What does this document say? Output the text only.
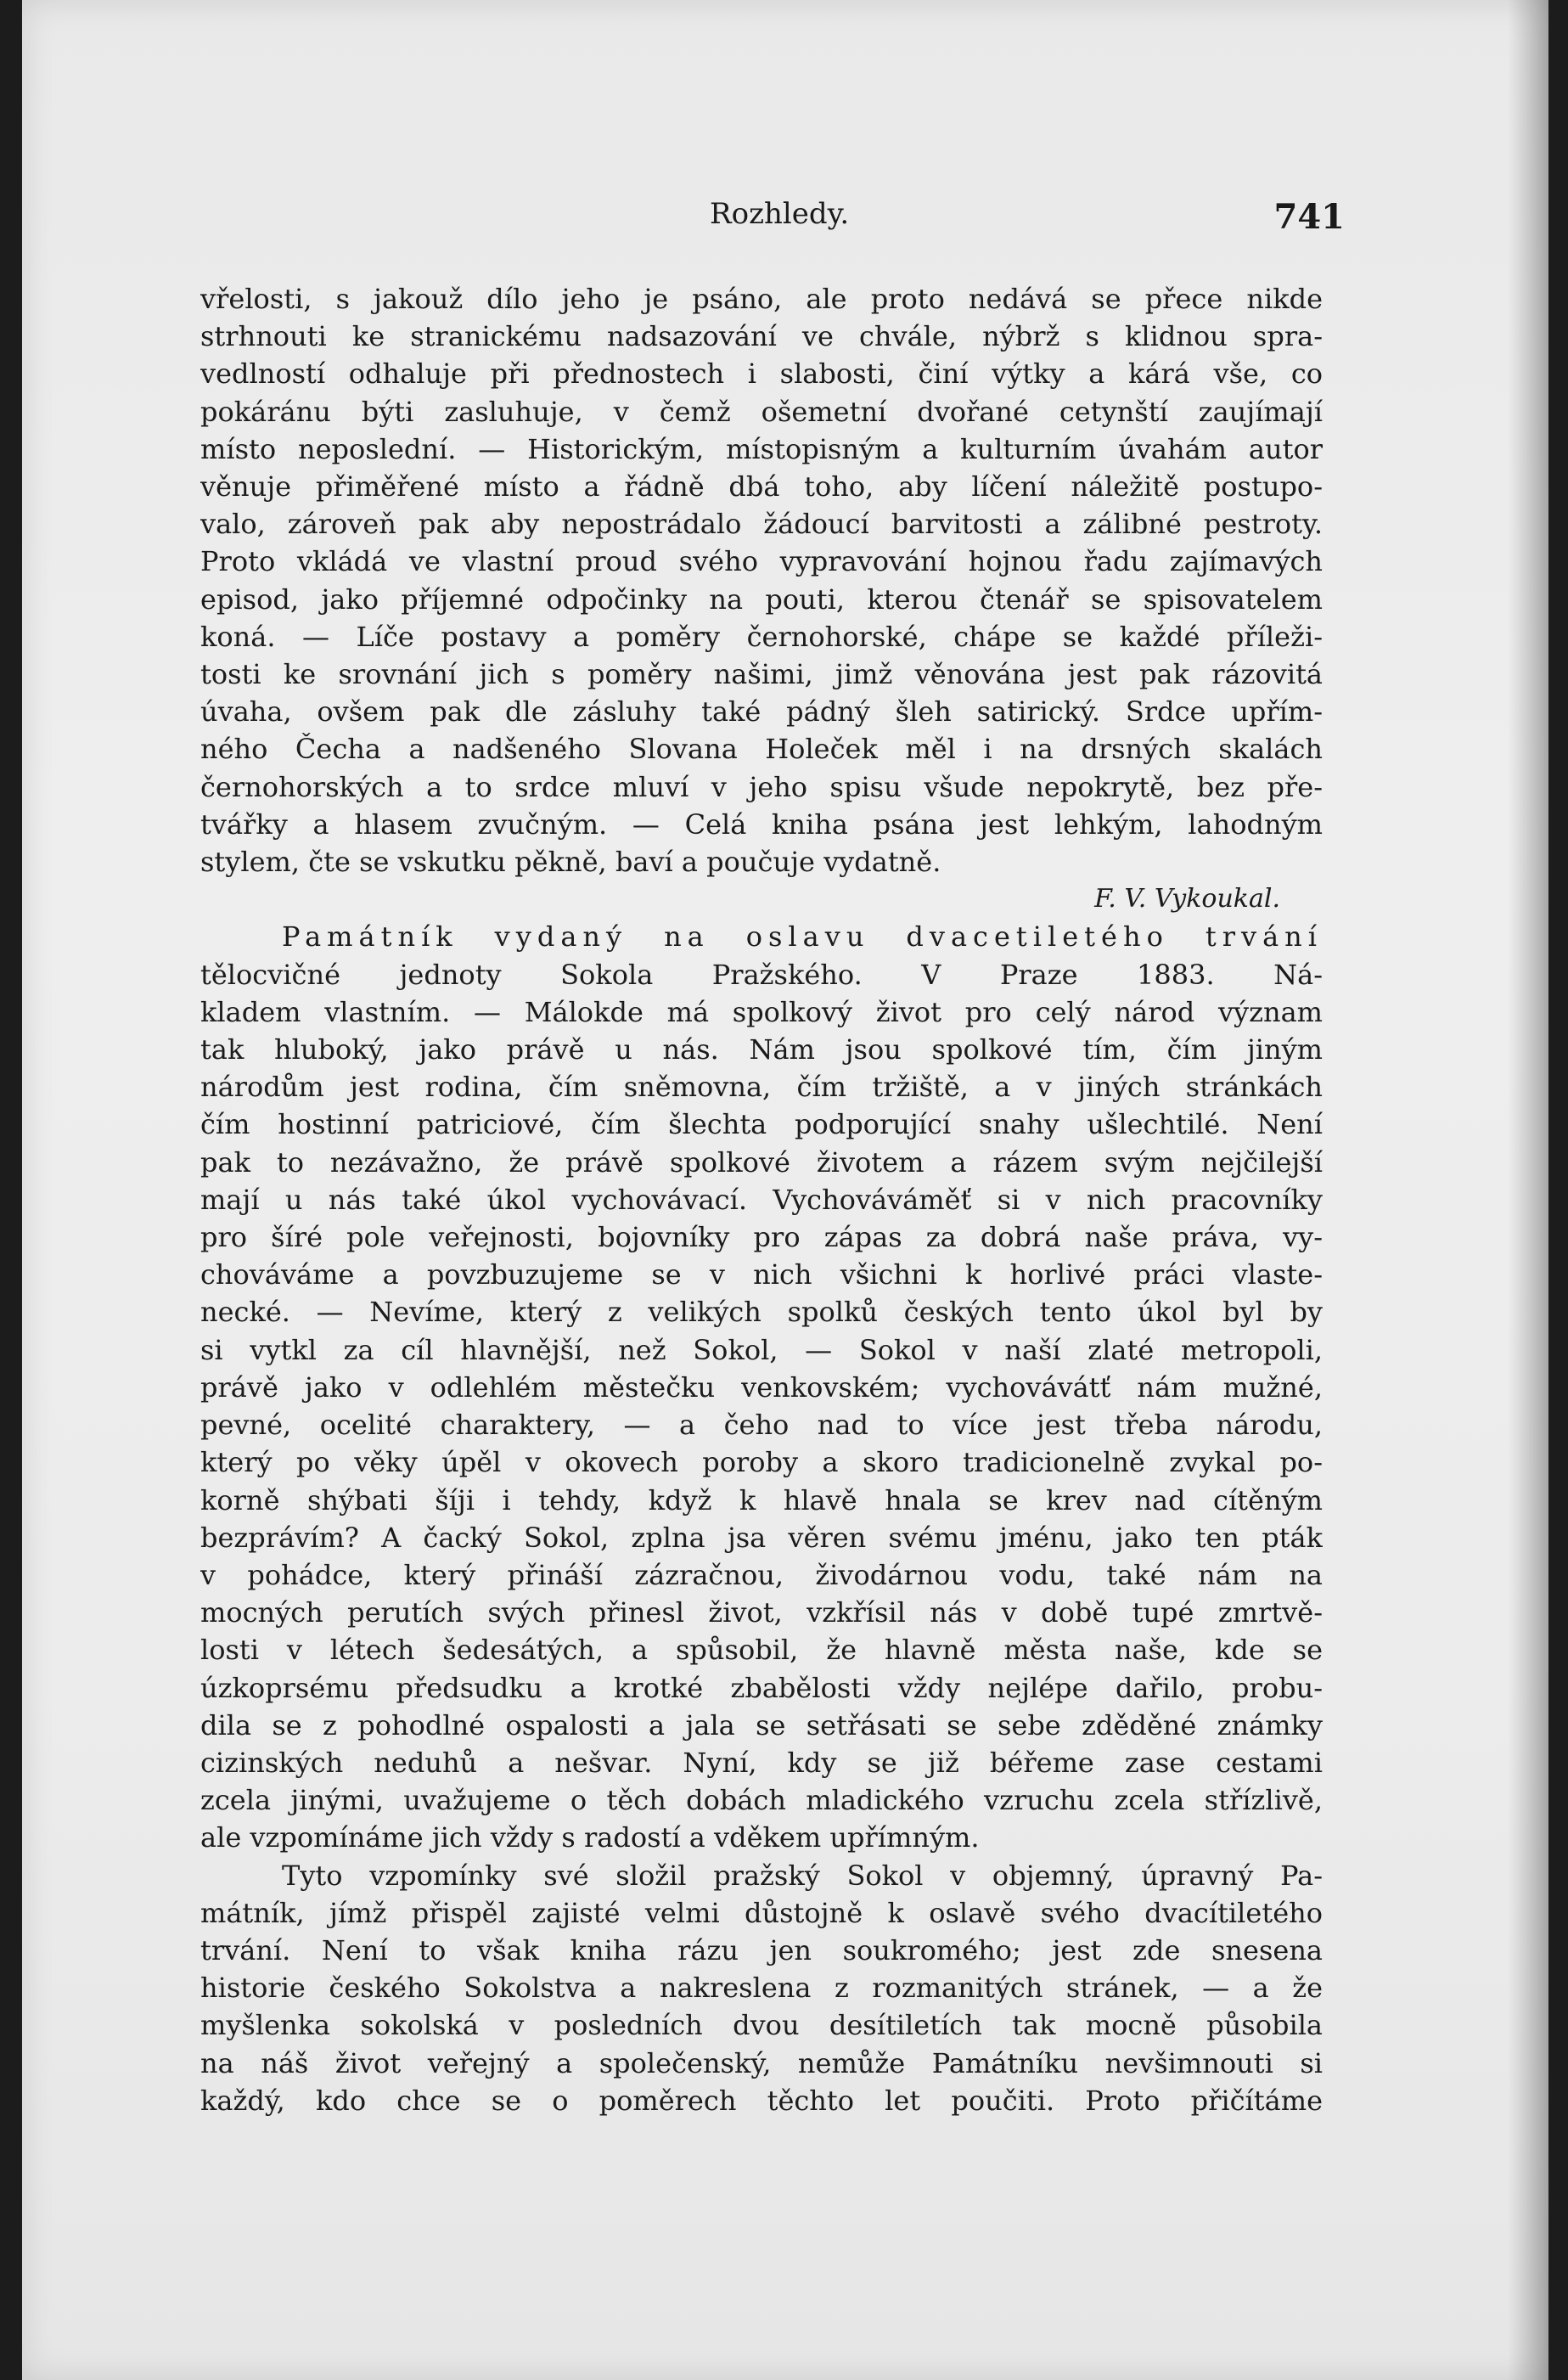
Rozhledy.	741

vřelosti, s jakouž dílo jeho je psáno, ale proto nedává se přece nikde
strhnouti ke stranickému nadsazování ve chvále, nýbrž s klidnou spra-
vedlností odhaluje při přednostech i slabosti, činí výtky a kárá vše, co
pokáránu býti zasluhuje, v čemž ošemetní dvořané cetynští zaujímají
místo neposlední. — Historickým, místopisným a kulturním úvahám autor
věnuje přiměřené místo a řádně dbá toho, aby líčení náležitě postupo-
valo, zároveň pak aby nepostrádalo žádoucí barvitosti a zálibné pestroty.
Proto vkládá ve vlastní proud svého vypravování hojnou řadu zajímavých
episod, jako příjemné odpočinky na pouti, kterou čtenář se spisovatelem
koná. — Líče postavy a poměry černohorské, chápe se každé příleži-
tosti ke srovnání jich s poměry našimi, jimž věnována jest pak rázovitá
úvaha, ovšem pak dle zásluhy také pádný šleh satirický. Srdce upřím-
ného Čecha a nadšeného Slovana Holeček měl i na drsných skalách
černohorských a to srdce mluví v jeho spisu všude nepokrytě, bez pře-
tvářky a hlasem zvučným. — Celá kniha psána jest lehkým, lahodným
stylem, čte se vskutku pěkně, baví a poučuje vydatně.

F. V. Vykoukal.

Památník vydaný na oslavu dvacetiletého trvání
tělocvičné jednoty Sokola Pražského. V Praze 1883. Ná-
kladem vlastním. — Málokde má spolkový život pro celý národ význam
tak hluboký, jako právě u nás. Nám jsou spolkové tím, čím jiným
národům jest rodina, čím sněmovna, čím tržiště, a v jiných stránkách
čím hostinní patriciové, čím šlechta podporující snahy ušlechtilé. Není
pak to nezávažno, že právě spolkové životem a rázem svým nejčilejší
mají u nás také úkol vychovávací. Vychováváměť si v nich pracovníky
pro šíré pole veřejnosti, bojovníky pro zápas za dobrá naše práva, vy-
chováváme a povzbuzujeme se v nich všichni k horlivé práci vlaste-
necké. — Nevíme, který z velikých spolků českých tento úkol byl by
si vytkl za cíl hlavnější, než Sokol, — Sokol v naší zlaté metropoli,
právě jako v odlehlém městečku venkovském; vychovávátť nám mužné,
pevné, ocelité charaktery, — a čeho nad to více jest třeba národu,
který po věky úpěl v okovech poroby a skoro tradicionelně zvykal po-
korně shýbati šíji i tehdy, když k hlavě hnala se krev nad cítěným
bezprávím? A čacký Sokol, zplna jsa věren svému jménu, jako ten pták
v pohádce, který přináší zázračnou, živodárnou vodu, také nám na
mocných perutích svých přinesl život, vzkřísil nás v době tupé zmrtvě-
losti v létech šedesátých, a spůsobil, že hlavně města naše, kde se
úzkoprsému předsudku a krotké zbabělosti vždy nejlépe dařilo, probu-
dila se z pohodlné ospalosti a jala se setřásati se sebe zděděné známky
cizinských neduhů a nešvar. Nyní, kdy se již béřeme zase cestami
zcela jinými, uvažujeme o těch dobách mladického vzruchu zcela střízlivě,
ale vzpomínáme jich vždy s radostí a vděkem upřímným.

Tyto vzpomínky své složil pražský Sokol v objemný, úpravný Pa-
mátník, jímž přispěl zajisté velmi důstojně k oslavě svého dvacítiletého
trvání. Není to však kniha rázu jen soukromého; jest zde snesena
historie českého Sokolstva a nakreslena z rozmanitých stránek, — a že
myšlenka sokolská v posledních dvou desítiletích tak mocně působila
na náš život veřejný a společenský, nemůže Památníku nevšimnouti si
každý, kdo chce se o poměrech těchto let poučiti. Proto přičítáme
